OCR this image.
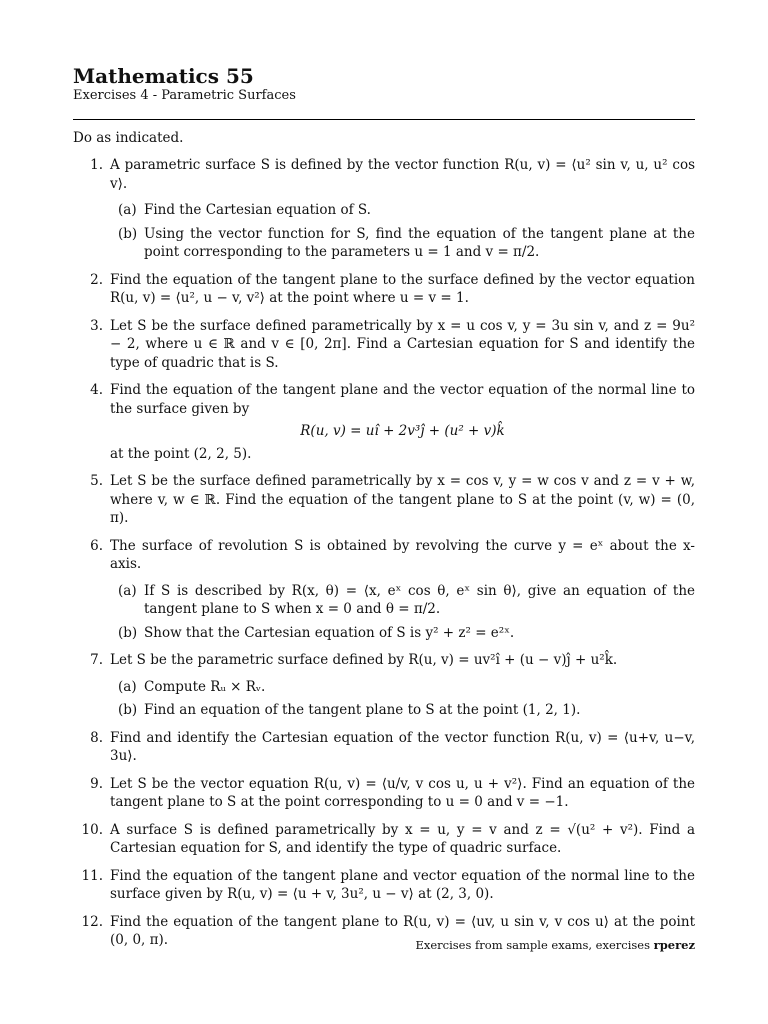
Mathematics 55
Exercises 4 - Parametric Surfaces
Do as indicated.
1. A parametric surface S is defined by the vector function R(u, v) = ⟨u² sin v, u, u² cos v⟩.
(a) Find the Cartesian equation of S.
(b) Using the vector function for S, find the equation of the tangent plane at the point corresponding to the parameters u = 1 and v = π/2.
2. Find the equation of the tangent plane to the surface defined by the vector equation R(u, v) = ⟨u², u − v, v²⟩ at the point where u = v = 1.
3. Let S be the surface defined parametrically by x = u cos v, y = 3u sin v, and z = 9u² − 2, where u ∈ ℝ and v ∈ [0, 2π]. Find a Cartesian equation for S and identify the type of quadric that is S.
4. Find the equation of the tangent plane and the vector equation of the normal line to the surface given by
R(u, v) = uî + 2v³ĵ + (u² + v)k̂
at the point (2, 2, 5).
5. Let S be the surface defined parametrically by x = cos v, y = w cos v and z = v + w, where v, w ∈ ℝ. Find the equation of the tangent plane to S at the point (v, w) = (0, π).
6. The surface of revolution S is obtained by revolving the curve y = eˣ about the x-axis.
(a) If S is described by R(x, θ) = ⟨x, eˣ cos θ, eˣ sin θ⟩, give an equation of the tangent plane to S when x = 0 and θ = π/2.
(b) Show that the Cartesian equation of S is y² + z² = e²ˣ.
7. Let S be the parametric surface defined by R(u, v) = uv²î + (u − v)ĵ + u²k̂.
(a) Compute Rᵤ × Rᵥ.
(b) Find an equation of the tangent plane to S at the point (1, 2, 1).
8. Find and identify the Cartesian equation of the vector function R(u, v) = ⟨u+v, u−v, 3u⟩.
9. Let S be the vector equation R(u, v) = ⟨u/v, v cos u, u + v²⟩. Find an equation of the tangent plane to S at the point corresponding to u = 0 and v = −1.
10. A surface S is defined parametrically by x = u, y = v and z = √(u² + v²). Find a Cartesian equation for S, and identify the type of quadric surface.
11. Find the equation of the tangent plane and vector equation of the normal line to the surface given by R(u, v) = ⟨u + v, 3u², u − v⟩ at (2, 3, 0).
12. Find the equation of the tangent plane to R(u, v) = ⟨uv, u sin v, v cos u⟩ at the point (0, 0, π).	Exercises from sample exams, exercises rperez
